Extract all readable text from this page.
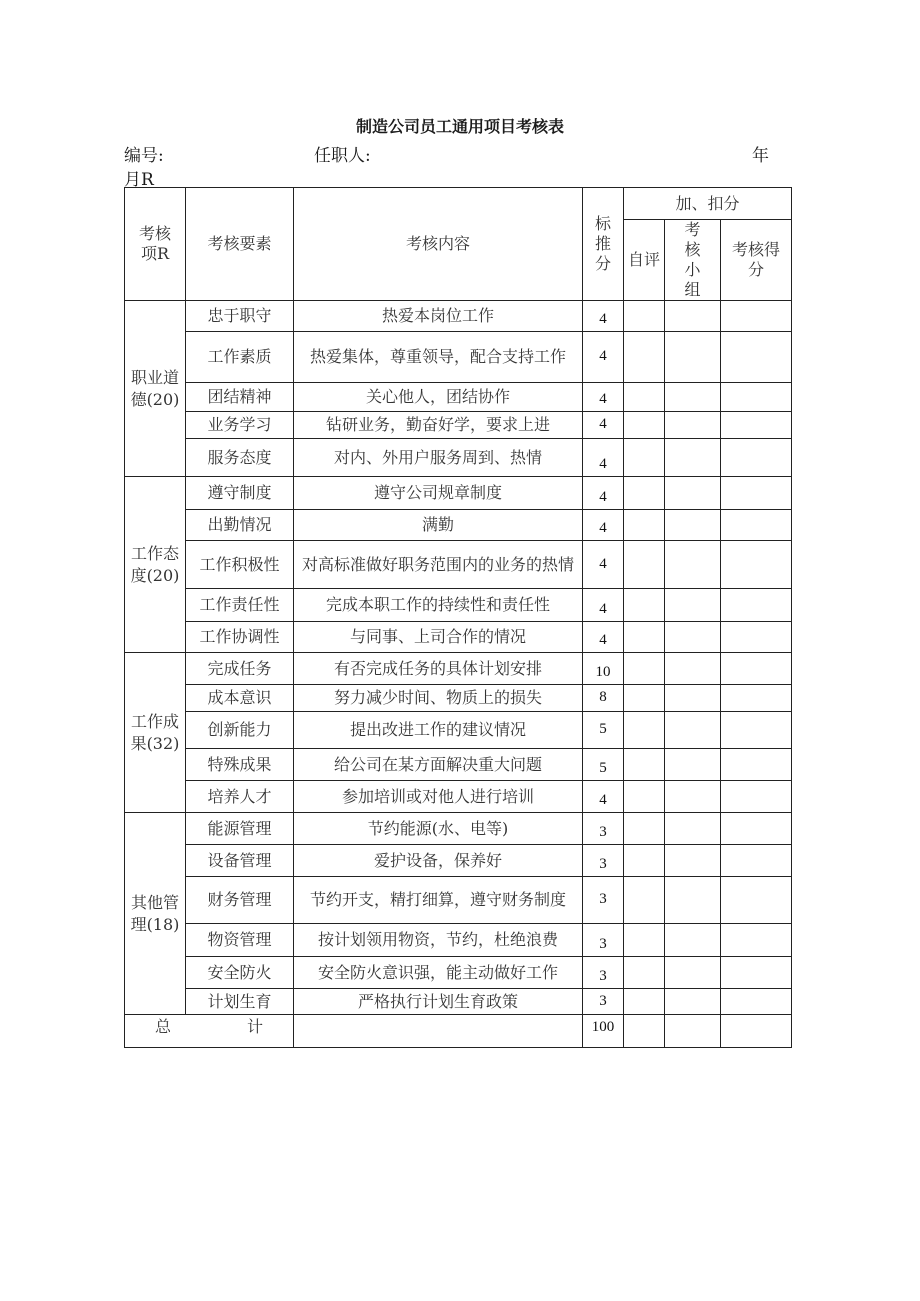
制造公司员工通用项目考核表
编号:	任职人:	年
月R
考核项R	考核要素	考核内容	标推分	加、扣分		
				自评	考核小组	考核得分
职业道德(20)	忠于职守	热爱本岗位工作	4			
	工作素质	热爱集体，尊重领导，配合支持工作	4			
	团结精神	关心他人，团结协作	4			
	业务学习	钻研业务，勤奋好学，要求上进	4			
	服务态度	对内、外用户服务周到、热情	4			
工作态度(20)	遵守制度	遵守公司规章制度	4			
	出勤情况	满勤	4			
	工作积极性	对高标准做好职务范围内的业务的热情	4			
	工作责任性	完成本职工作的持续性和责任性	4			
	工作协调性	与同事、上司合作的情况	4			
工作成果(32)	完成任务	有否完成任务的具体计划安排	10			
	成本意识	努力减少时间、物质上的损失	8			
	创新能力	提出改进工作的建议情况	5			
	特殊成果	给公司在某方面解决重大问题	5			
	培养人才	参加培训或对他人进行培训	4			
其他管理(18)	能源管理	节约能源(水、电等)	3			
	设备管理	爱护设备，保养好	3			
	财务管理	节约开支，精打细算，遵守财务制度	3			
	物资管理	按计划领用物资，节约，杜绝浪费	3			
	安全防火	安全防火意识强，能主动做好工作	3			
	计划生育	严格执行计划生育政策	3			

总 计			100			
